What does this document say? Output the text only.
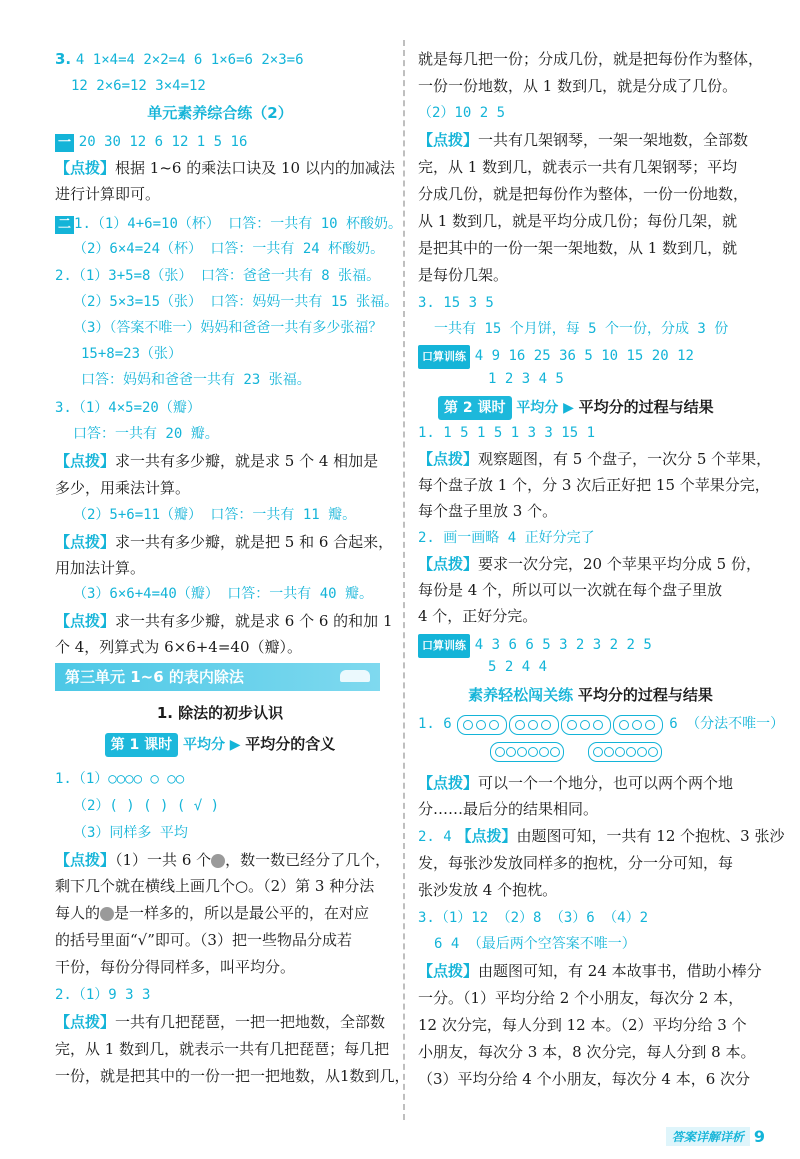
3. 4 1×4=4 2×2=4 6 1×6=6 2×3=6
12 2×6=12 3×4=12
单元素养综合练（2）
一 20 30 12 6 12 1 5 16
【点拨】根据 1~6 的乘法口诀及 10 以内的加减法
进行计算即可。
二 1.（1）4+6=10（杯） 口答：一共有 10 杯酸奶。
（2）6×4=24（杯） 口答：一共有 24 杯酸奶。
2.（1）3+5=8（张） 口答：爸爸一共有 8 张福。
（2）5×3=15（张） 口答：妈妈一共有 15 张福。
（3）（答案不唯一）妈妈和爸爸一共有多少张福？
15+8=23（张）
口答：妈妈和爸爸一共有 23 张福。
3.（1）4×5=20（瓣）
口答：一共有 20 瓣。
【点拨】求一共有多少瓣，就是求 5 个 4 相加是
多少，用乘法计算。
（2）5+6=11（瓣） 口答：一共有 11 瓣。
【点拨】求一共有多少瓣，就是把 5 和 6 合起来，
用加法计算。
（3）6×6+4=40（瓣） 口答：一共有 40 瓣。
【点拨】求一共有多少瓣，就是求 6 个 6 的和加 1
个 4，列算式为 6×6+4=40（瓣）。
第三单元 1~6 的表内除法
1. 除法的初步认识
第 1 课时 平均分 ▶ 平均分的含义
1.（1）○○○○ ○ ○○
（2）( ) ( ) ( √ )
（3）同样多 平均
【点拨】（1）一共 6 个 ，数一数已经分了几个，
剩下几个就在横线上画几个○。（2）第 3 种分法
每人的 是一样多的，所以是最公平的，在对应
的括号里面“√”即可。（3）把一些物品分成若
干份，每份分得同样多，叫平均分。
2.（1）9 3 3
【点拨】一共有几把琵琶，一把一把地数，全部数
完，从 1 数到几，就表示一共有几把琵琶；每几把
一份，就是把其中的一份一把一把地数，从1数到几，
就是每几把一份；分成几份，就是把每份作为整体，
一份一份地数，从 1 数到几，就是分成了几份。
（2）10 2 5
【点拨】一共有几架钢琴，一架一架地数，全部数
完，从 1 数到几，就表示一共有几架钢琴；平均
分成几份，就是把每份作为整体，一份一份地数，
从 1 数到几，就是平均分成几份；每份几架，就
是把其中的一份一架一架地数，从 1 数到几，就
是每份几架。
3. 15 3 5
一共有 15 个月饼，每 5 个一份，分成 3 份
口算训练 4 9 16 25 36 5 10 15 20 12
1 2 3 4 5
第 2 课时 平均分 ▶ 平均分的过程与结果
1. 1 5 1 5 1 3 3 15 1
【点拨】观察题图，有 5 个盘子，一次分 5 个苹果，
每个盘子放 1 个，分 3 次后正好把 15 个苹果分完，
每个盘子里放 3 个。
2. 画一画略 4 正好分完了
【点拨】要求一次分完，20 个苹果平均分成 5 份，
每份是 4 个，所以可以一次就在每个盘子里放
4 个，正好分完。
口算训练 4 3 6 6 5 3 2 3 2 2 5
5 2 4 4
素养轻松闯关练 平均分的过程与结果
1. 6	6 （分法不唯一）
【点拨】可以一个一个地分，也可以两个两个地
分……最后分的结果相同。
2. 4 【点拨】由题图可知，一共有 12 个抱枕、3 张沙
发，每张沙发放同样多的抱枕，分一分可知，每
张沙发放 4 个抱枕。
3.（1）12 （2）8 （3）6 （4）2
6 4 （最后两个空答案不唯一）
【点拨】由题图可知，有 24 本故事书，借助小棒分
一分。（1）平均分给 2 个小朋友，每次分 2 本，
12 次分完，每人分到 12 本。（2）平均分给 3 个
小朋友，每次分 3 本，8 次分完，每人分到 8 本。
（3）平均分给 4 个小朋友，每次分 4 本，6 次分
答案详解详析 9
